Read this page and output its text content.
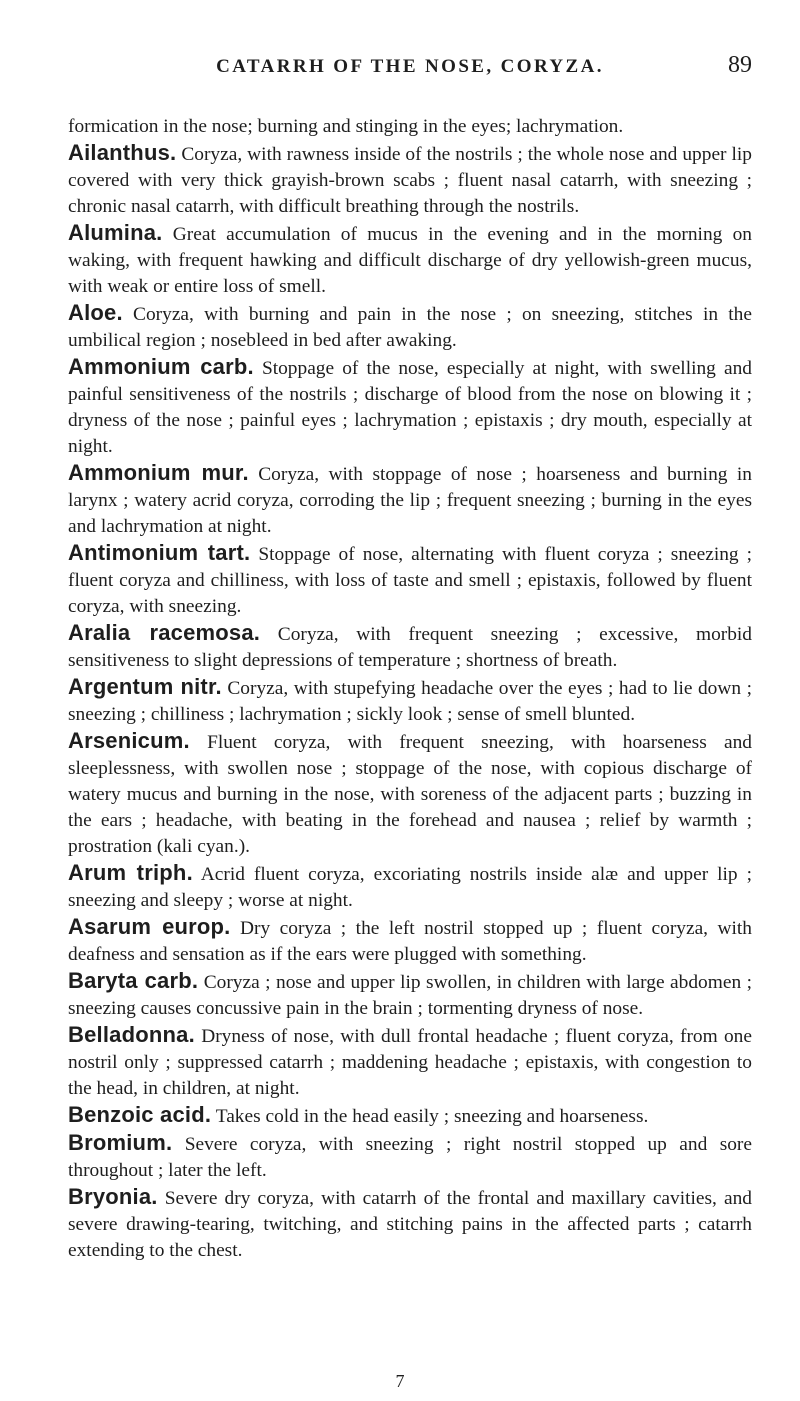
CATARRH OF THE NOSE, CORYZA.	89

formication in the nose; burning and stinging in the eyes; lachrymation.

Ailanthus. Coryza, with rawness inside of the nostrils ; the whole nose and upper lip covered with very thick grayish-brown scabs ; fluent nasal catarrh, with sneezing ; chronic nasal catarrh, with difficult breathing through the nostrils.

Alumina. Great accumulation of mucus in the evening and in the morning on waking, with frequent hawking and difficult discharge of dry yellowish-green mucus, with weak or entire loss of smell.

Aloe. Coryza, with burning and pain in the nose ; on sneezing, stitches in the umbilical region ; nosebleed in bed after awaking.

Ammonium carb. Stoppage of the nose, especially at night, with swelling and painful sensitiveness of the nostrils ; discharge of blood from the nose on blowing it ; dryness of the nose ; painful eyes ; lachrymation ; epistaxis ; dry mouth, especially at night.

Ammonium mur. Coryza, with stoppage of nose ; hoarseness and burning in larynx ; watery acrid coryza, corroding the lip ; frequent sneezing ; burning in the eyes and lachrymation at night.

Antimonium tart. Stoppage of nose, alternating with fluent coryza ; sneezing ; fluent coryza and chilliness, with loss of taste and smell ; epistaxis, followed by fluent coryza, with sneezing.

Aralia racemosa. Coryza, with frequent sneezing ; excessive, morbid sensitiveness to slight depressions of temperature ; shortness of breath.

Argentum nitr. Coryza, with stupefying headache over the eyes ; had to lie down ; sneezing ; chilliness ; lachrymation ; sickly look ; sense of smell blunted.

Arsenicum. Fluent coryza, with frequent sneezing, with hoarseness and sleeplessness, with swollen nose ; stoppage of the nose, with copious discharge of watery mucus and burning in the nose, with soreness of the adjacent parts ; buzzing in the ears ; headache, with beating in the forehead and nausea ; relief by warmth ; prostration (kali cyan.).

Arum triph. Acrid fluent coryza, excoriating nostrils inside alæ and upper lip ; sneezing and sleepy ; worse at night.

Asarum europ. Dry coryza ; the left nostril stopped up ; fluent coryza, with deafness and sensation as if the ears were plugged with something.

Baryta carb. Coryza ; nose and upper lip swollen, in children with large abdomen ; sneezing causes concussive pain in the brain ; tormenting dryness of nose.

Belladonna. Dryness of nose, with dull frontal headache ; fluent coryza, from one nostril only ; suppressed catarrh ; maddening headache ; epistaxis, with congestion to the head, in children, at night.

Benzoic acid. Takes cold in the head easily ; sneezing and hoarseness.

Bromium. Severe coryza, with sneezing ; right nostril stopped up and sore throughout ; later the left.

Bryonia. Severe dry coryza, with catarrh of the frontal and maxillary cavities, and severe drawing-tearing, twitching, and stitching pains in the affected parts ; catarrh extending to the chest.

7
